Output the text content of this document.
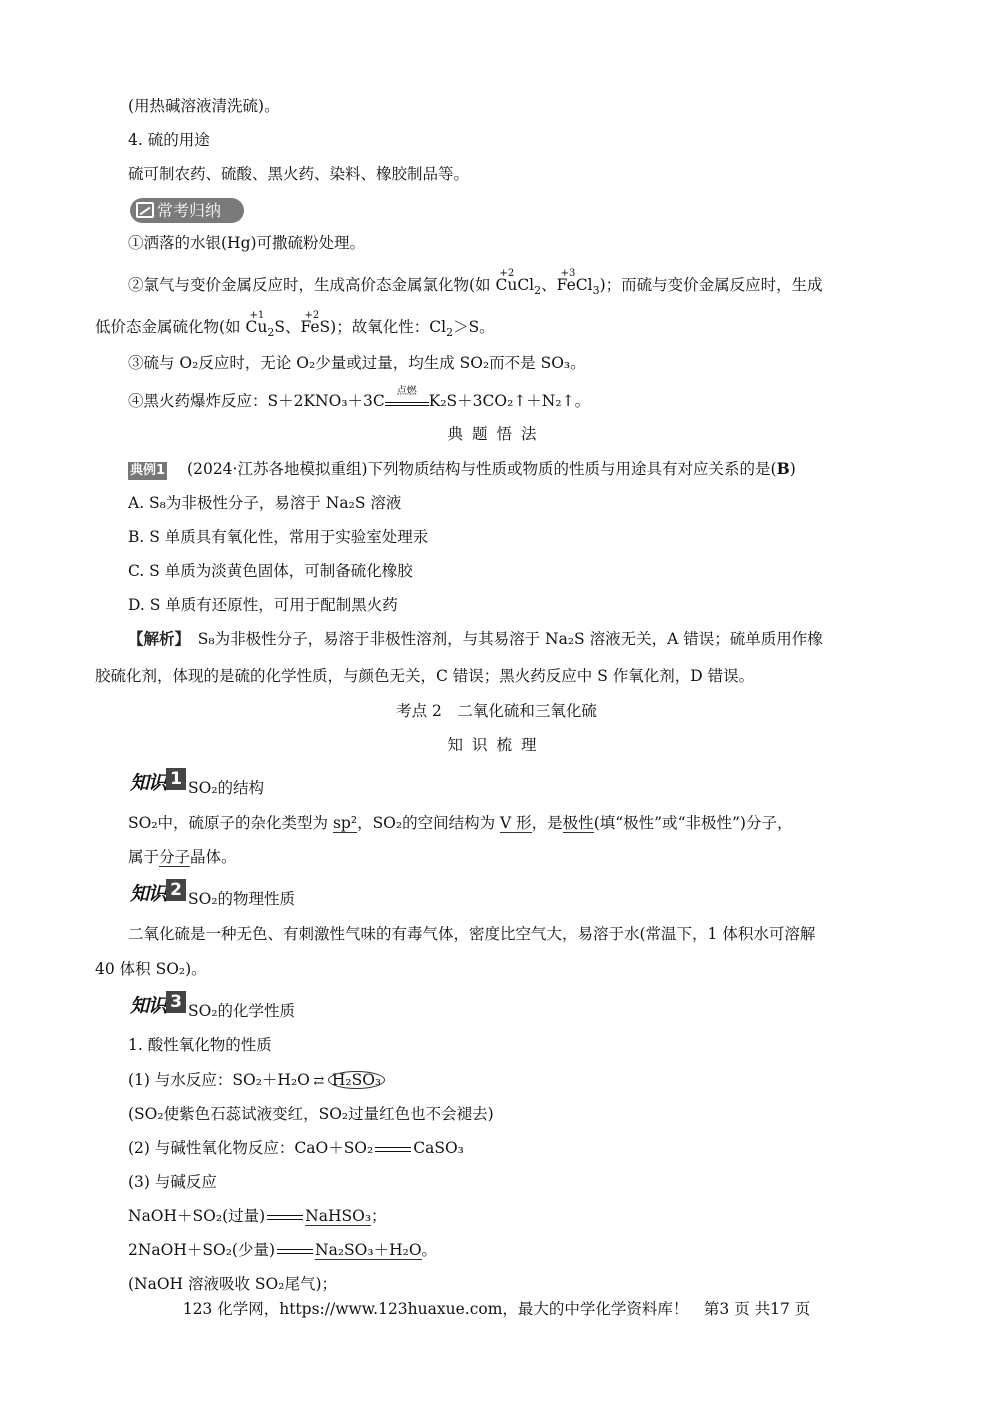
(用热碱溶液清洗硫)。
4. 硫的用途
硫可制农药、硫酸、黑火药、染料、橡胶制品等。
常考归纳
①洒落的水银(Hg)可撒硫粉处理。
②氯气与变价金属反应时，生成高价态金属氯化物(如
+2
CuCl$_2$、
+3
FeCl$_3$)；而硫与变价金属反应时，生成
低价态金属硫化物(如
+1
$Cu_2S$、
+2
FeS)；故氧化性：$Cl_2>S$。
③硫与 O₂反应时，无论 O₂少量或过量，均生成 SO₂而不是 SO₃。
④黑火药爆炸反应：S＋2KNO₃＋3C
点燃
K₂S＋3CO₂↑＋N₂↑。
典题悟法
典例1 (2024·江苏各地模拟重组)下列物质结构与性质或物质的性质与用途具有对应关系的是(B)
A. S₈为非极性分子，易溶于 Na₂S 溶液
B. S 单质具有氧化性，常用于实验室处理汞
C. S 单质为淡黄色固体，可制备硫化橡胶
D. S 单质有还原性，可用于配制黑火药
【解析】　 S₈为非极性分子，易溶于非极性溶剂，与其易溶于 Na₂S 溶液无关，A 错误；硫单质用作橡
胶硫化剂，体现的是硫的化学性质，与颜色无关，C 错误；黑火药反应中 S 作氧化剂，D 错误。
考点 2　二氧化硫和三氧化硫
知识梳理
知识 1 SO₂的结构
SO₂中，硫原子的杂化类型为 sp²，SO₂的空间结构为 V 形，是极性(填“极性”或“非极性”)分子，
属于分子晶体。
知识 2 SO₂的物理性质
二氧化硫是一种无色、有刺激性气味的有毒气体，密度比空气大，易溶于水(常温下，1 体积水可溶解
40 体积 SO₂)。
知识 3 SO₂的化学性质
1. 酸性氧化物的性质
(1) 与水反应：SO₂＋H₂O ⇄ H₂SO₃
(SO₂使紫色石蕊试液变红，SO₂过量红色也不会褪去)
(2) 与碱性氧化物反应：CaO＋SO₂	CaSO₃
(3) 与碱反应
NaOH＋SO₂(过量)	NaHSO₃；
2NaOH＋SO₂(少量)	Na₂SO₃＋H₂O。
(NaOH 溶液吸收 SO₂尾气)；
123 化学网，https://www.123huaxue.com，最大的中学化学资料库！　第3 页 共17 页
